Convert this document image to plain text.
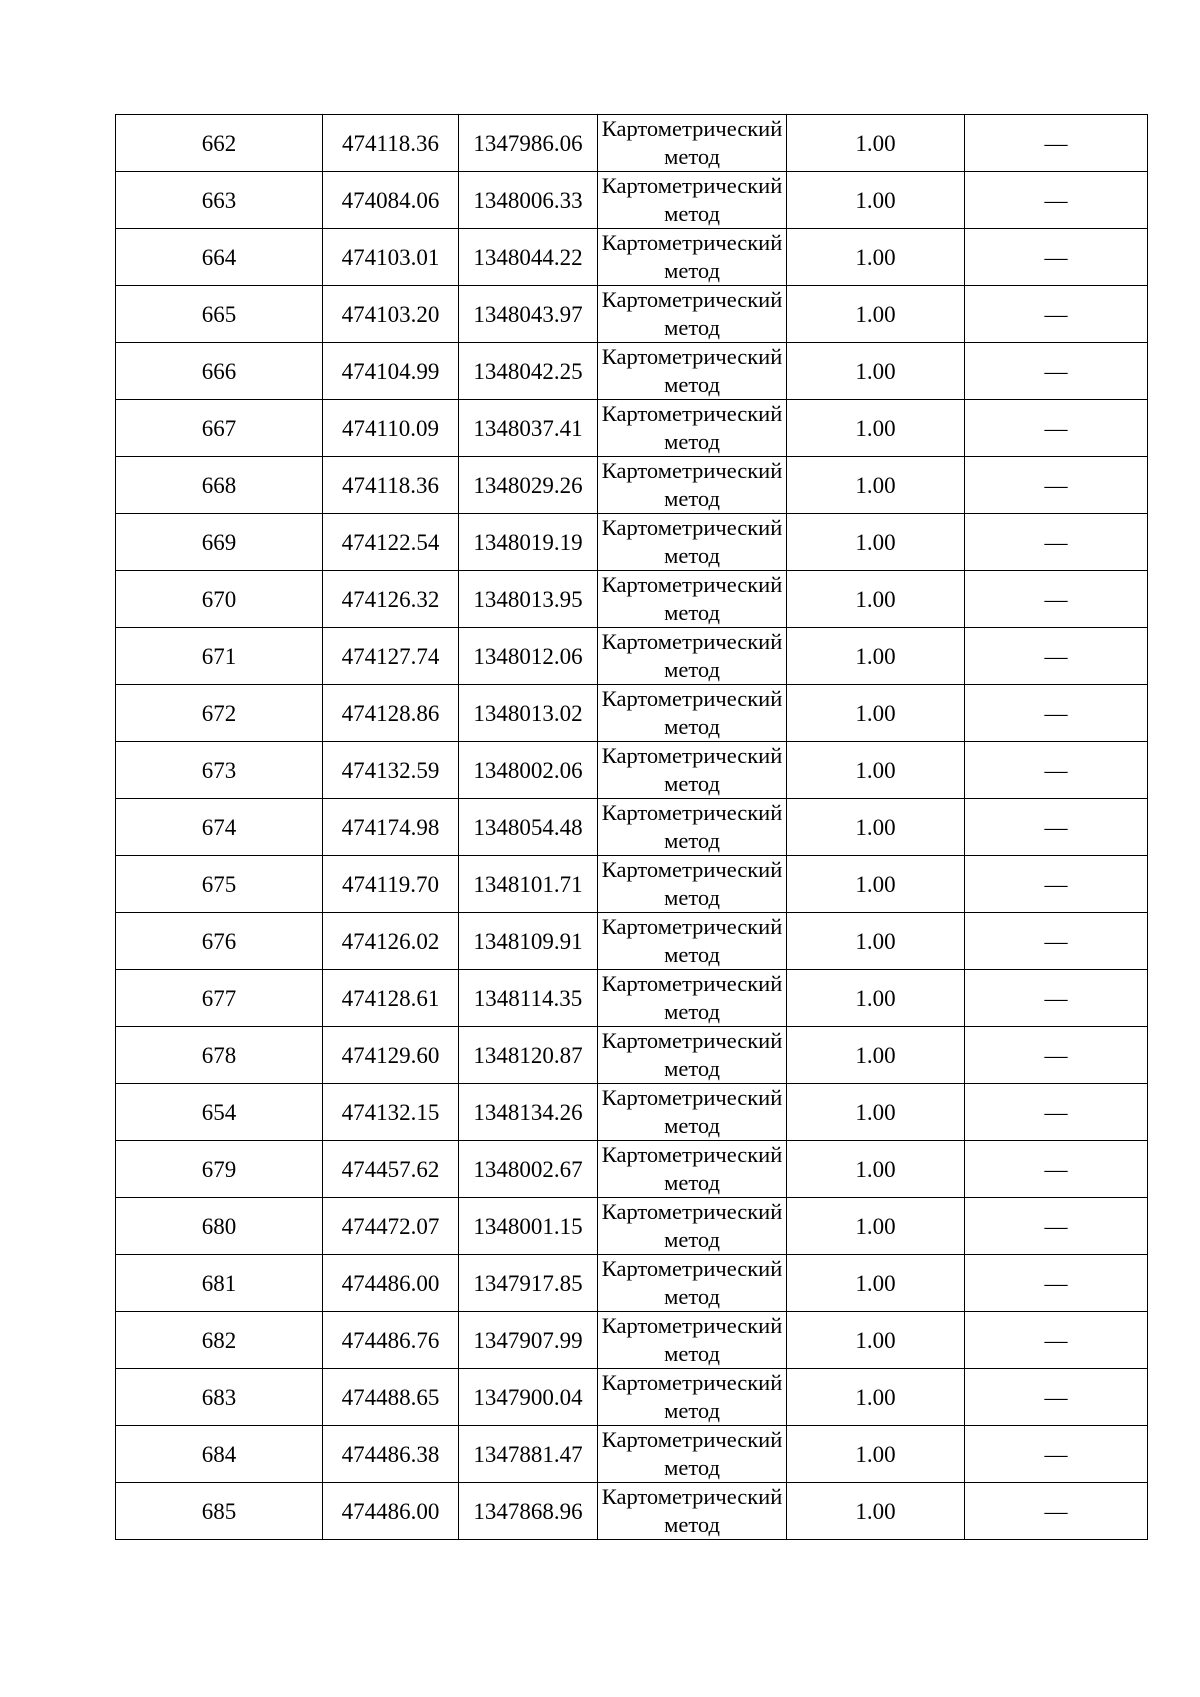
662	474118.36	1347986.06	Картометрический метод	1.00	—
663	474084.06	1348006.33	Картометрический метод	1.00	—
664	474103.01	1348044.22	Картометрический метод	1.00	—
665	474103.20	1348043.97	Картометрический метод	1.00	—
666	474104.99	1348042.25	Картометрический метод	1.00	—
667	474110.09	1348037.41	Картометрический метод	1.00	—
668	474118.36	1348029.26	Картометрический метод	1.00	—
669	474122.54	1348019.19	Картометрический метод	1.00	—
670	474126.32	1348013.95	Картометрический метод	1.00	—
671	474127.74	1348012.06	Картометрический метод	1.00	—
672	474128.86	1348013.02	Картометрический метод	1.00	—
673	474132.59	1348002.06	Картометрический метод	1.00	—
674	474174.98	1348054.48	Картометрический метод	1.00	—
675	474119.70	1348101.71	Картометрический метод	1.00	—
676	474126.02	1348109.91	Картометрический метод	1.00	—
677	474128.61	1348114.35	Картометрический метод	1.00	—
678	474129.60	1348120.87	Картометрический метод	1.00	—
654	474132.15	1348134.26	Картометрический метод	1.00	—
679	474457.62	1348002.67	Картометрический метод	1.00	—
680	474472.07	1348001.15	Картометрический метод	1.00	—
681	474486.00	1347917.85	Картометрический метод	1.00	—
682	474486.76	1347907.99	Картометрический метод	1.00	—
683	474488.65	1347900.04	Картометрический метод	1.00	—
684	474486.38	1347881.47	Картометрический метод	1.00	—
685	474486.00	1347868.96	Картометрический метод	1.00	—
